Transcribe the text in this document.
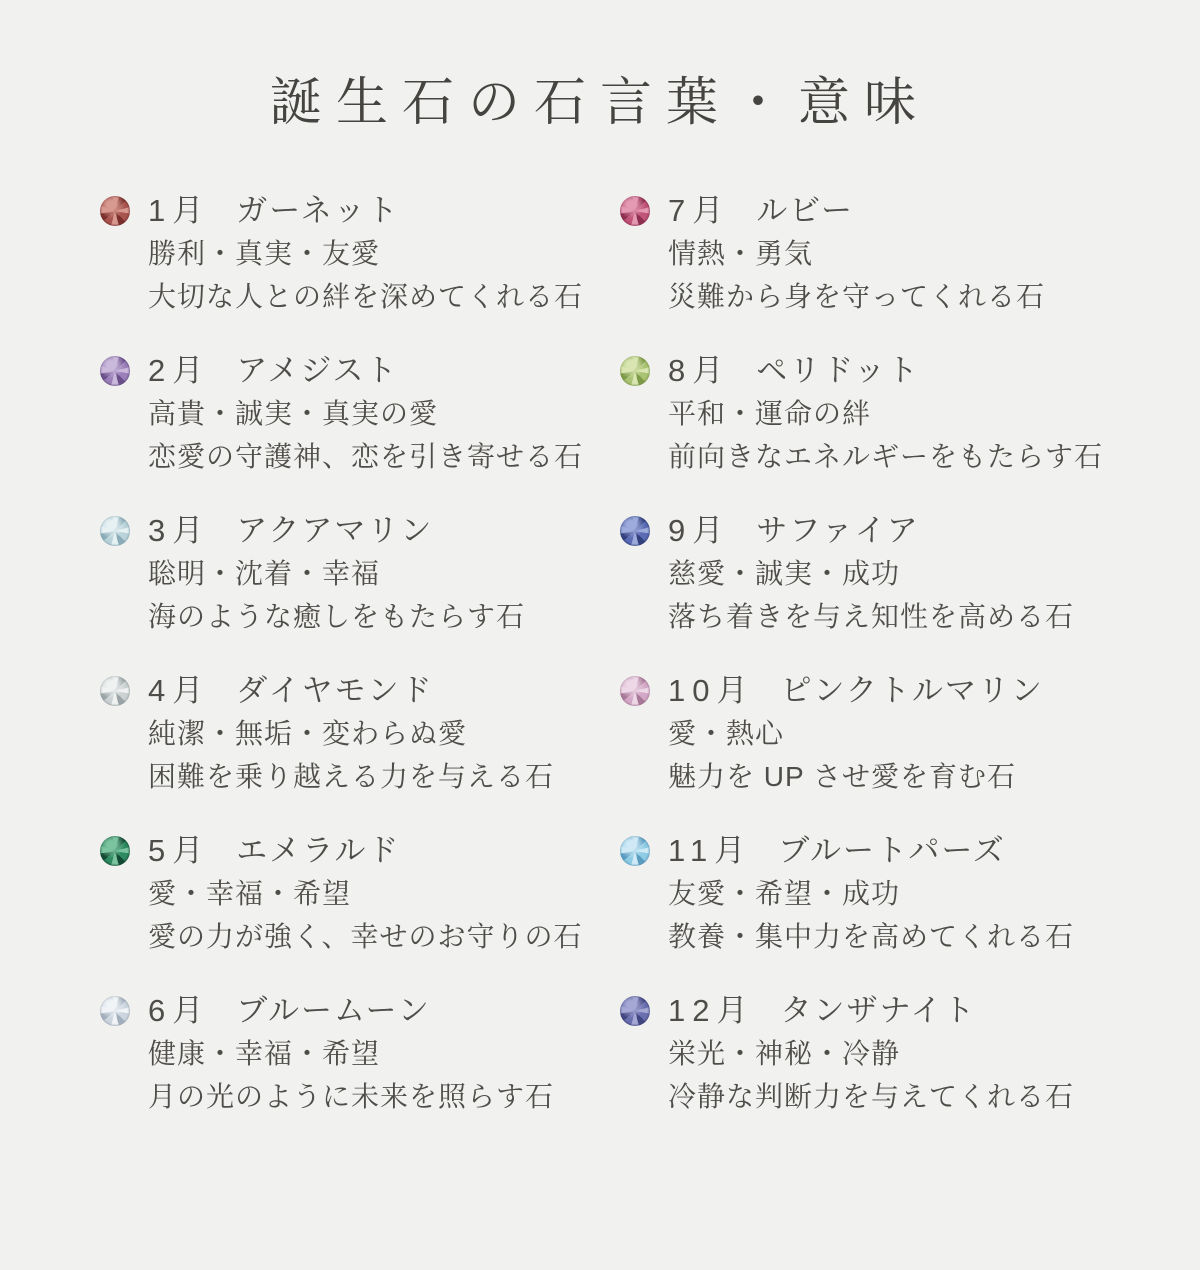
誕生石の石言葉・意味
1月 ガーネット
勝利・真実・友愛
大切な人との絆を深めてくれる石
2月 アメジスト
高貴・誠実・真実の愛
恋愛の守護神、恋を引き寄せる石
3月 アクアマリン
聡明・沈着・幸福
海のような癒しをもたらす石
4月 ダイヤモンド
純潔・無垢・変わらぬ愛
困難を乗り越える力を与える石
5月 エメラルド
愛・幸福・希望
愛の力が強く、幸せのお守りの石
6月 ブルームーン
健康・幸福・希望
月の光のように未来を照らす石
7月 ルビー
情熱・勇気
災難から身を守ってくれる石
8月 ペリドット
平和・運命の絆
前向きなエネルギーをもたらす石
9月 サファイア
慈愛・誠実・成功
落ち着きを与え知性を高める石
10月 ピンクトルマリン
愛・熱心
魅力を UP させ愛を育む石
11月 ブルートパーズ
友愛・希望・成功
教養・集中力を高めてくれる石
12月 タンザナイト
栄光・神秘・冷静
冷静な判断力を与えてくれる石
